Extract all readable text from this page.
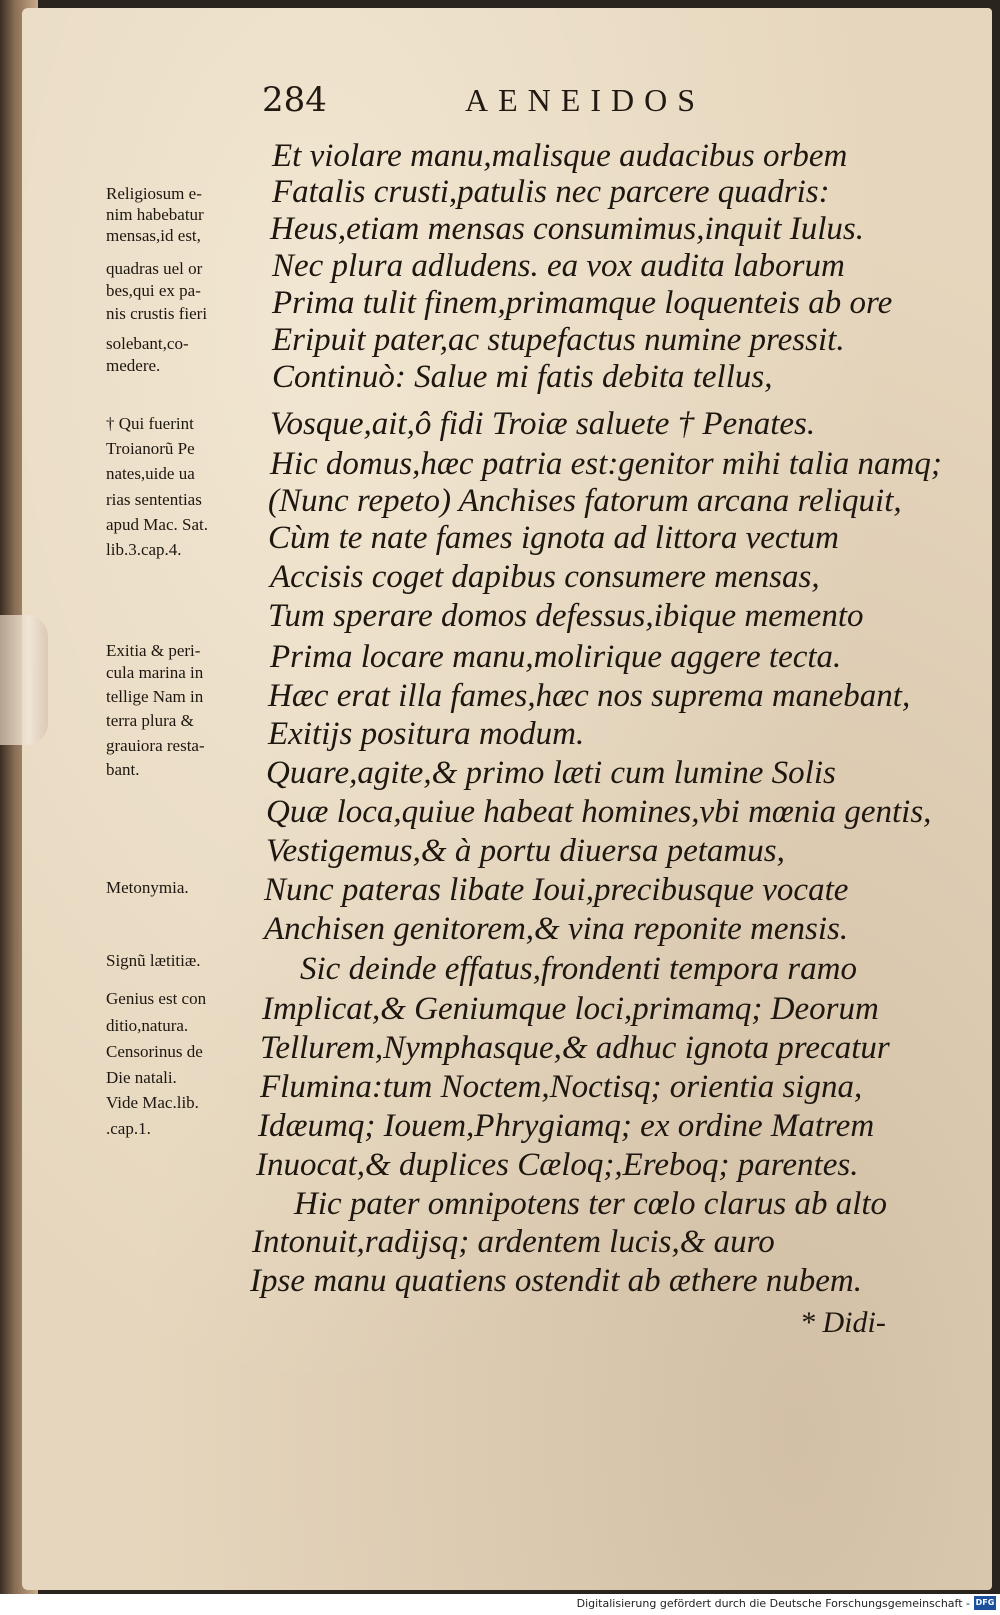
284	AENEIDOS
Et violare manu,malisque audacibus orbem
Fatalis crusti,patulis nec parcere quadris:
Heus,etiam mensas consumimus,inquit Iulus.
Nec plura adludens. ea vox audita laborum
Prima tulit finem,primamque loquenteis ab ore
Eripuit pater,ac stupefactus numine pressit.
Continuò: Salue mi fatis debita tellus,
Vosque,ait,ô fidi Troiæ saluete † Penates.
Hic domus,hæc patria est:genitor mihi talia namq;
(Nunc repeto) Anchises fatorum arcana reliquit,
Cùm te nate fames ignota ad littora vectum
Accisis coget dapibus consumere mensas,
Tum sperare domos defessus,ibique memento
Prima locare manu,molirique aggere tecta.
Hæc erat illa fames,hæc nos suprema manebant,
Exitijs positura modum.
Quare,agite,& primo læti cum lumine Solis
Quæ loca,quiue habeat homines,vbi mœnia gentis,
Vestigemus,& à portu diuersa petamus,
Nunc pateras libate Ioui,precibusque vocate
Anchisen genitorem,& vina reponite mensis.
Sic deinde effatus,frondenti tempora ramo
Implicat,& Geniumque loci,primamq; Deorum
Tellurem,Nymphasque,& adhuc ignota precatur
Flumina:tum Noctem,Noctisq; orientia signa,
Idæumq; Iouem,Phrygiamq; ex ordine Matrem
Inuocat,& duplices Cæloq;,Ereboq; parentes.
Hic pater omnipotens ter cœlo clarus ab alto
Intonuit,radijsq; ardentem lucis,& auro
Ipse manu quatiens ostendit ab æthere nubem.
Religiosum e-
nim habebatur
mensas,id est,
quadras uel or
bes,qui ex pa-
nis crustis fieri
solebant,co-
medere.
† Qui fuerint
Troianorũ Pe
nates,uide ua
rias sententias
apud Mac. Sat.
lib.3.cap.4.
Exitia & peri-
cula marina in
tellige Nam in
terra plura &
grauiora resta-
bant.
Metonymia.
Signũ lætitiæ.
Genius est con
ditio,natura.
Censorinus de
Die natali.
Vide Mac.lib.
.cap.1.
* Didi-
Digitalisierung gefördert durch die Deutsche Forschungsgemeinschaft - DFG
